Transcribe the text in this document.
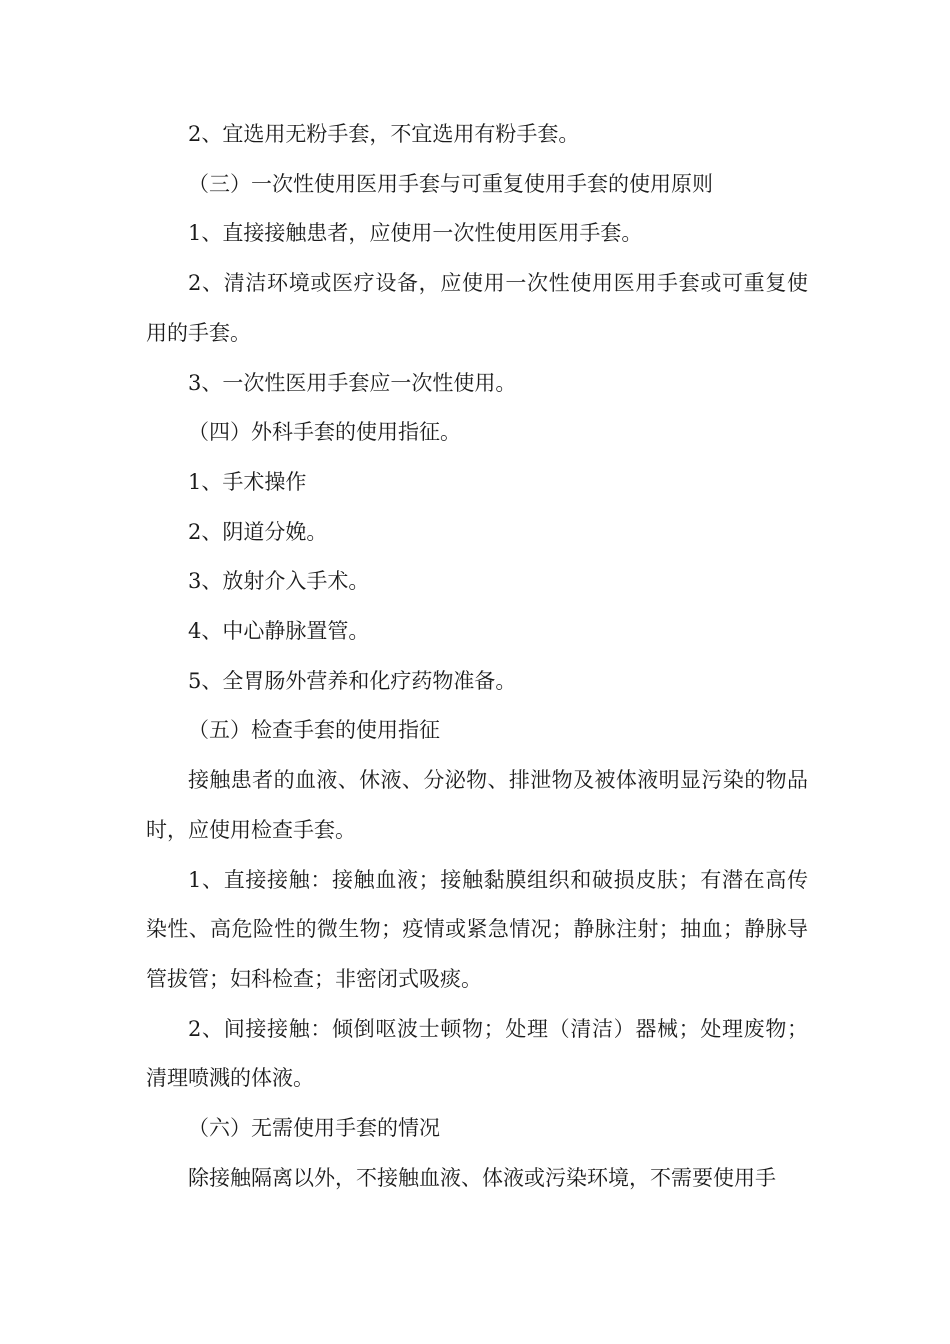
2、宜选用无粉手套，不宜选用有粉手套。

（三）一次性使用医用手套与可重复使用手套的使用原则

1、直接接触患者，应使用一次性使用医用手套。

2、清洁环境或医疗设备，应使用一次性使用医用手套或可重复使用的手套。

3、一次性医用手套应一次性使用。

（四）外科手套的使用指征。

1、手术操作

2、阴道分娩。

3、放射介入手术。

4、中心静脉置管。

5、全胃肠外营养和化疗药物准备。

（五）检查手套的使用指征

接触患者的血液、休液、分泌物、排泄物及被体液明显污染的物品时，应使用检查手套。

1、直接接触：接触血液；接触黏膜组织和破损皮肤；有潜在高传染性、高危险性的微生物；疫情或紧急情况；静脉注射；抽血；静脉导管拔管；妇科检查；非密闭式吸痰。

2、间接接触：倾倒呕波士顿物；处理（清洁）器械；处理废物；清理喷溅的体液。

（六）无需使用手套的情况

除接触隔离以外，不接触血液、体液或污染环境，不需要使用手
